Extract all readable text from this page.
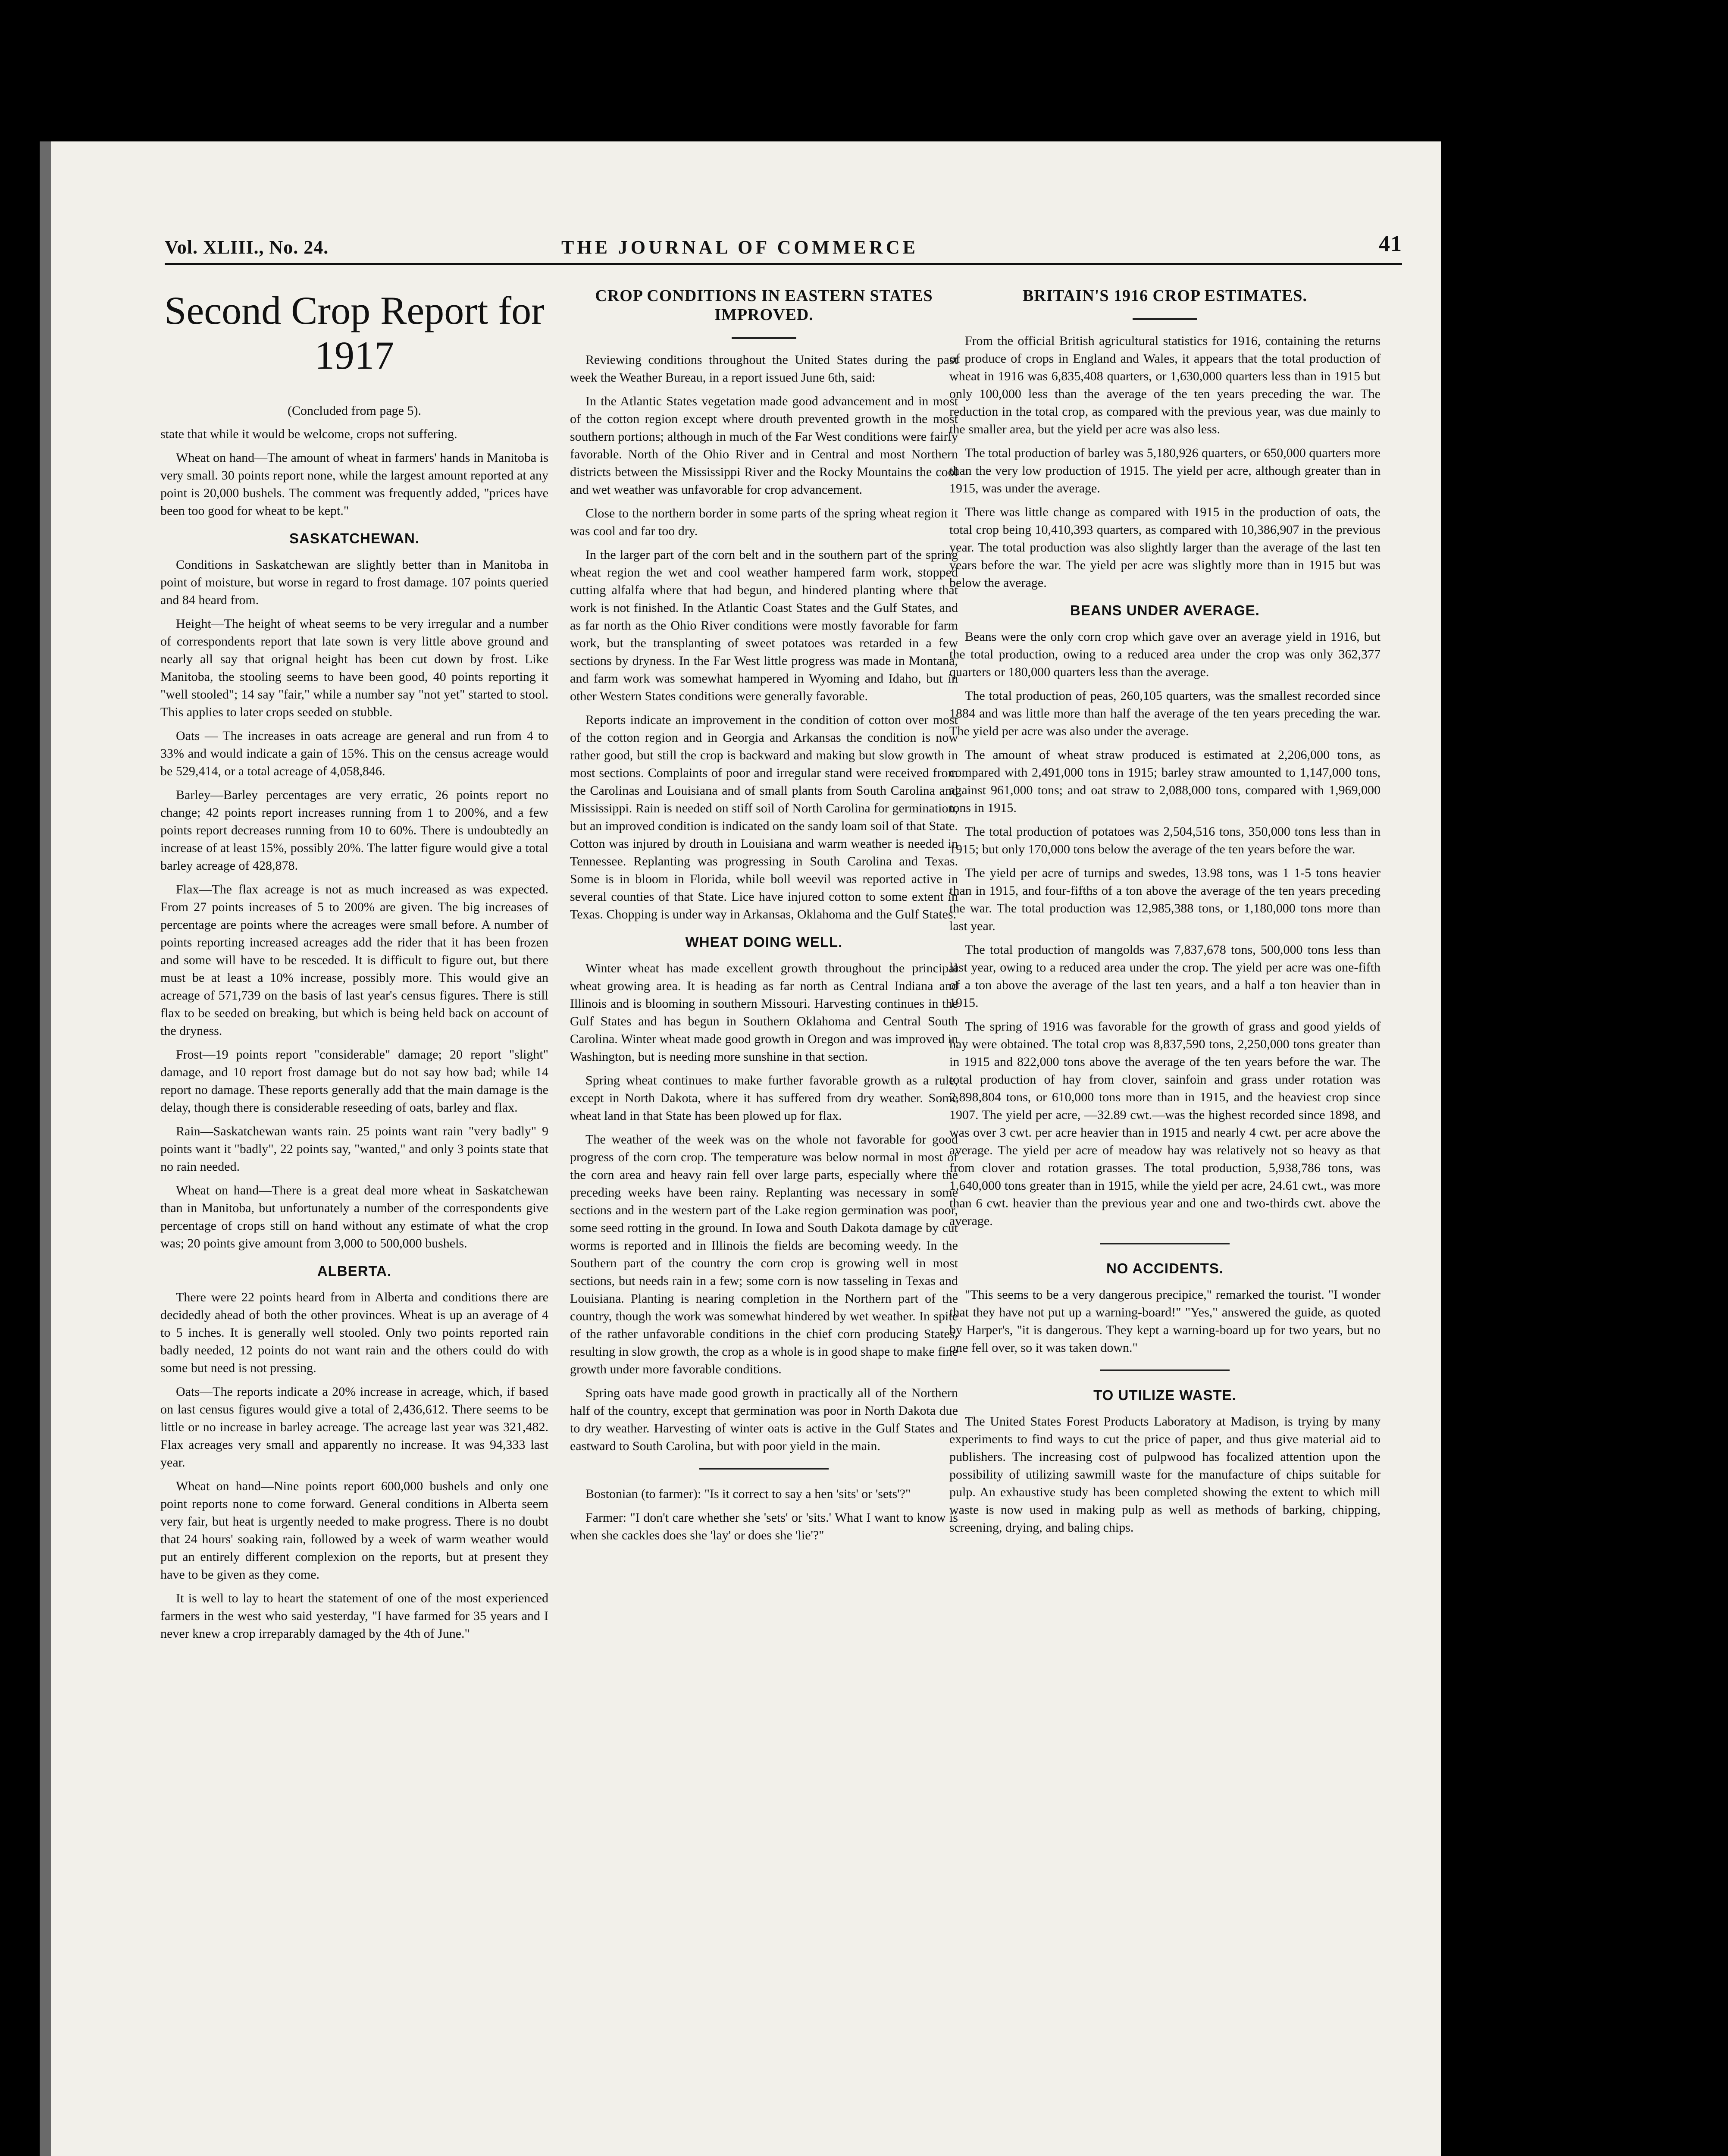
Vol. XLIII., No. 24.	THE JOURNAL OF COMMERCE	41
Second Crop Report for 1917
(Concluded from page 5).

state that while it would be welcome, crops not suffering.

Wheat on hand—The amount of wheat in farmers' hands in Manitoba is very small. 30 points report none, while the largest amount reported at any point is 20,000 bushels. The comment was frequently added, "prices have been too good for wheat to be kept."

SASKATCHEWAN.

Conditions in Saskatchewan are slightly better than in Manitoba in point of moisture, but worse in regard to frost damage. 107 points queried and 84 heard from.

Height—The height of wheat seems to be very irregular and a number of correspondents report that late sown is very little above ground and nearly all say that orignal height has been cut down by frost. Like Manitoba, the stooling seems to have been good, 40 points reporting it "well stooled"; 14 say "fair," while a number say "not yet" started to stool. This applies to later crops seeded on stubble.

Oats — The increases in oats acreage are general and run from 4 to 33% and would indicate a gain of 15%. This on the census acreage would be 529,414, or a total acreage of 4,058,846.

Barley—Barley percentages are very erratic, 26 points report no change; 42 points report increases running from 1 to 200%, and a few points report decreases running from 10 to 60%. There is undoubtedly an increase of at least 15%, possibly 20%. The latter figure would give a total barley acreage of 428,878.

Flax—The flax acreage is not as much increased as was expected. From 27 points increases of 5 to 200% are given. The big increases of percentage are points where the acreages were small before. A number of points reporting increased acreages add the rider that it has been frozen and some will have to be resceded. It is difficult to figure out, but there must be at least a 10% increase, possibly more. This would give an acreage of 571,739 on the basis of last year's census figures. There is still flax to be seeded on breaking, but which is being held back on account of the dryness.

Frost—19 points report "considerable" damage; 20 report "slight" damage, and 10 report frost damage but do not say how bad; while 14 report no damage. These reports generally add that the main damage is the delay, though there is considerable reseeding of oats, barley and flax.

Rain—Saskatchewan wants rain. 25 points want rain "very badly" 9 points want it "badly", 22 points say, "wanted," and only 3 points state that no rain needed.

Wheat on hand—There is a great deal more wheat in Saskatchewan than in Manitoba, but unfortunately a number of the correspondents give percentage of crops still on hand without any estimate of what the crop was; 20 points give amount from 3,000 to 500,000 bushels.

ALBERTA.

There were 22 points heard from in Alberta and conditions there are decidedly ahead of both the other provinces. Wheat is up an average of 4 to 5 inches. It is generally well stooled. Only two points reported rain badly needed, 12 points do not want rain and the others could do with some but need is not pressing.

Oats—The reports indicate a 20% increase in acreage, which, if based on last census figures would give a total of 2,436,612. There seems to be little or no increase in barley acreage. The acreage last year was 321,482. Flax acreages very small and apparently no increase. It was 94,333 last year.

Wheat on hand—Nine points report 600,000 bushels and only one point reports none to come forward. General conditions in Alberta seem very fair, but heat is urgently needed to make progress. There is no doubt that 24 hours' soaking rain, followed by a week of warm weather would put an entirely different complexion on the reports, but at present they have to be given as they come.

It is well to lay to heart the statement of one of the most experienced farmers in the west who said yesterday, "I have farmed for 35 years and I never knew a crop irreparably damaged by the 4th of June."

CROP CONDITIONS IN EASTERN STATES IMPROVED.

Reviewing conditions throughout the United States during the past week the Weather Bureau, in a report issued June 6th, said:

In the Atlantic States vegetation made good advancement and in most of the cotton region except where drouth prevented growth in the most southern portions; although in much of the Far West conditions were fairly favorable. North of the Ohio River and in Central and most Northern districts between the Mississippi River and the Rocky Mountains the cool and wet weather was unfavorable for crop advancement.

Close to the northern border in some parts of the spring wheat region it was cool and far too dry.

In the larger part of the corn belt and in the southern part of the spring wheat region the wet and cool weather hampered farm work, stopped cutting alfalfa where that had begun, and hindered planting where that work is not finished. In the Atlantic Coast States and the Gulf States, and as far north as the Ohio River conditions were mostly favorable for farm work, but the transplanting of sweet potatoes was retarded in a few sections by dryness. In the Far West little progress was made in Montana, and farm work was somewhat hampered in Wyoming and Idaho, but in other Western States conditions were generally favorable.

Reports indicate an improvement in the condition of cotton over most of the cotton region and in Georgia and Arkansas the condition is now rather good, but still the crop is backward and making but slow growth in most sections. Complaints of poor and irregular stand were received from the Carolinas and Louisiana and of small plants from South Carolina and Mississippi. Rain is needed on stiff soil of North Carolina for germination, but an improved condition is indicated on the sandy loam soil of that State. Cotton was injured by drouth in Louisiana and warm weather is needed in Tennessee. Replanting was progressing in South Carolina and Texas. Some is in bloom in Florida, while boll weevil was reported active in several counties of that State. Lice have injured cotton to some extent in Texas. Chopping is under way in Arkansas, Oklahoma and the Gulf States.

WHEAT DOING WELL.

Winter wheat has made excellent growth throughout the principal wheat growing area. It is heading as far north as Central Indiana and Illinois and is blooming in southern Missouri. Harvesting continues in the Gulf States and has begun in Southern Oklahoma and Central South Carolina. Winter wheat made good growth in Oregon and was improved in Washington, but is needing more sunshine in that section.

Spring wheat continues to make further favorable growth as a rule, except in North Dakota, where it has suffered from dry weather. Some wheat land in that State has been plowed up for flax.

The weather of the week was on the whole not favorable for good progress of the corn crop. The temperature was below normal in most of the corn area and heavy rain fell over large parts, especially where the preceding weeks have been rainy. Replanting was necessary in some sections and in the western part of the Lake region germination was poor, some seed rotting in the ground. In Iowa and South Dakota damage by cut worms is reported and in Illinois the fields are becoming weedy. In the Southern part of the country the corn crop is growing well in most sections, but needs rain in a few; some corn is now tasseling in Texas and Louisiana. Planting is nearing completion in the Northern part of the country, though the work was somewhat hindered by wet weather. In spite of the rather unfavorable conditions in the chief corn producing States, resulting in slow growth, the crop as a whole is in good shape to make fine growth under more favorable conditions.

Spring oats have made good growth in practically all of the Northern half of the country, except that germination was poor in North Dakota due to dry weather. Harvesting of winter oats is active in the Gulf States and eastward to South Carolina, but with poor yield in the main.

Bostonian (to farmer): "Is it correct to say a hen 'sits' or 'sets'?"

Farmer: "I don't care whether she 'sets' or 'sits.' What I want to know is when she cackles does she 'lay' or does she 'lie'?"

BRITAIN'S 1916 CROP ESTIMATES.

From the official British agricultural statistics for 1916, containing the returns of produce of crops in England and Wales, it appears that the total production of wheat in 1916 was 6,835,408 quarters, or 1,630,000 quarters less than in 1915 but only 100,000 less than the average of the ten years preceding the war. The reduction in the total crop, as compared with the previous year, was due mainly to the smaller area, but the yield per acre was also less.

The total production of barley was 5,180,926 quarters, or 650,000 quarters more than the very low production of 1915. The yield per acre, although greater than in 1915, was under the average.

There was little change as compared with 1915 in the production of oats, the total crop being 10,410,393 quarters, as compared with 10,386,907 in the previous year. The total production was also slightly larger than the average of the last ten years before the war. The yield per acre was slightly more than in 1915 but was below the average.

BEANS UNDER AVERAGE.

Beans were the only corn crop which gave over an average yield in 1916, but the total production, owing to a reduced area under the crop was only 362,377 quarters or 180,000 quarters less than the average.

The total production of peas, 260,105 quarters, was the smallest recorded since 1884 and was little more than half the average of the ten years preceding the war. The yield per acre was also under the average.

The amount of wheat straw produced is estimated at 2,206,000 tons, as compared with 2,491,000 tons in 1915; barley straw amounted to 1,147,000 tons, against 961,000 tons; and oat straw to 2,088,000 tons, compared with 1,969,000 tons in 1915.

The total production of potatoes was 2,504,516 tons, 350,000 tons less than in 1915; but only 170,000 tons below the average of the ten years before the war.

The yield per acre of turnips and swedes, 13.98 tons, was 1 1-5 tons heavier than in 1915, and four-fifths of a ton above the average of the ten years preceding the war. The total production was 12,985,388 tons, or 1,180,000 tons more than last year.

The total production of mangolds was 7,837,678 tons, 500,000 tons less than last year, owing to a reduced area under the crop. The yield per acre was one-fifth of a ton above the average of the last ten years, and a half a ton heavier than in 1915.

The spring of 1916 was favorable for the growth of grass and good yields of hay were obtained. The total crop was 8,837,590 tons, 2,250,000 tons greater than in 1915 and 822,000 tons above the average of the ten years before the war. The total production of hay from clover, sainfoin and grass under rotation was 2,898,804 tons, or 610,000 tons more than in 1915, and the heaviest crop since 1907. The yield per acre, —32.89 cwt.—was the highest recorded since 1898, and was over 3 cwt. per acre heavier than in 1915 and nearly 4 cwt. per acre above the average. The yield per acre of meadow hay was relatively not so heavy as that from clover and rotation grasses. The total production, 5,938,786 tons, was 1,640,000 tons greater than in 1915, while the yield per acre, 24.61 cwt., was more than 6 cwt. heavier than the previous year and one and two-thirds cwt. above the average.

NO ACCIDENTS.

"This seems to be a very dangerous precipice," remarked the tourist. "I wonder that they have not put up a warning-board!" "Yes," answered the guide, as quoted by Harper's, "it is dangerous. They kept a warning-board up for two years, but no one fell over, so it was taken down."

TO UTILIZE WASTE.

The United States Forest Products Laboratory at Madison, is trying by many experiments to find ways to cut the price of paper, and thus give material aid to publishers. The increasing cost of pulpwood has focalized attention upon the possibility of utilizing sawmill waste for the manufacture of chips suitable for pulp. An exhaustive study has been completed showing the extent to which mill waste is now used in making pulp as well as methods of barking, chipping, screening, drying, and baling chips.
